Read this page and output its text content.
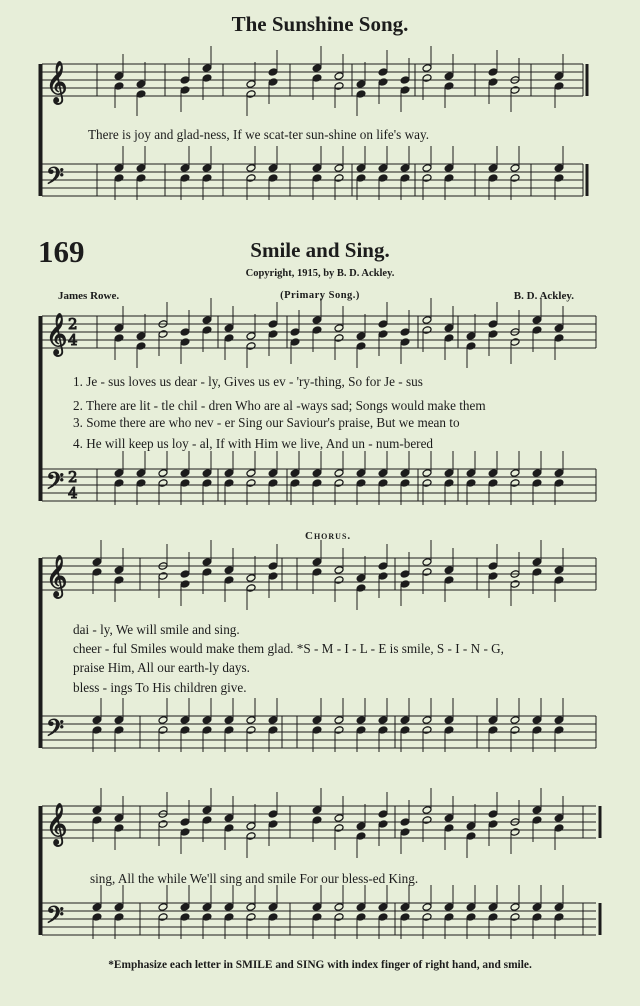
The Sunshine Song.
There is joy and glad-ness, If we scat-ter sun-shine on life's way.
169	Smile and Sing.
Copyright, 1915, by B. D. Ackley.
James Rowe.	(Primary Song.)	B. D. Ackley.
1. Je - sus loves us dear - ly, Gives us ev - 'ry-thing, So for Je - sus
2. There are lit - tle chil - dren Who are al -ways sad; Songs would make them
3. Some there are who nev - er Sing our Saviour's praise, But we mean to
4. He will keep us loy - al, If with Him we live, And un - num-bered
Chorus.
dai - ly, We will smile and sing.
cheer - ful Smiles would make them glad. *S - M - I - L - E is smile, S - I - N - G,
praise Him, All our earth-ly days.
bless - ings To His children give.
sing, All the while We'll sing and smile For our bless-ed King.
*Emphasize each letter in SMILE and SING with index finger of right hand, and smile.
𝄞
𝄢
𝄞
𝄢
𝄞
𝄢
𝄞
𝄢
2
4
2
4
